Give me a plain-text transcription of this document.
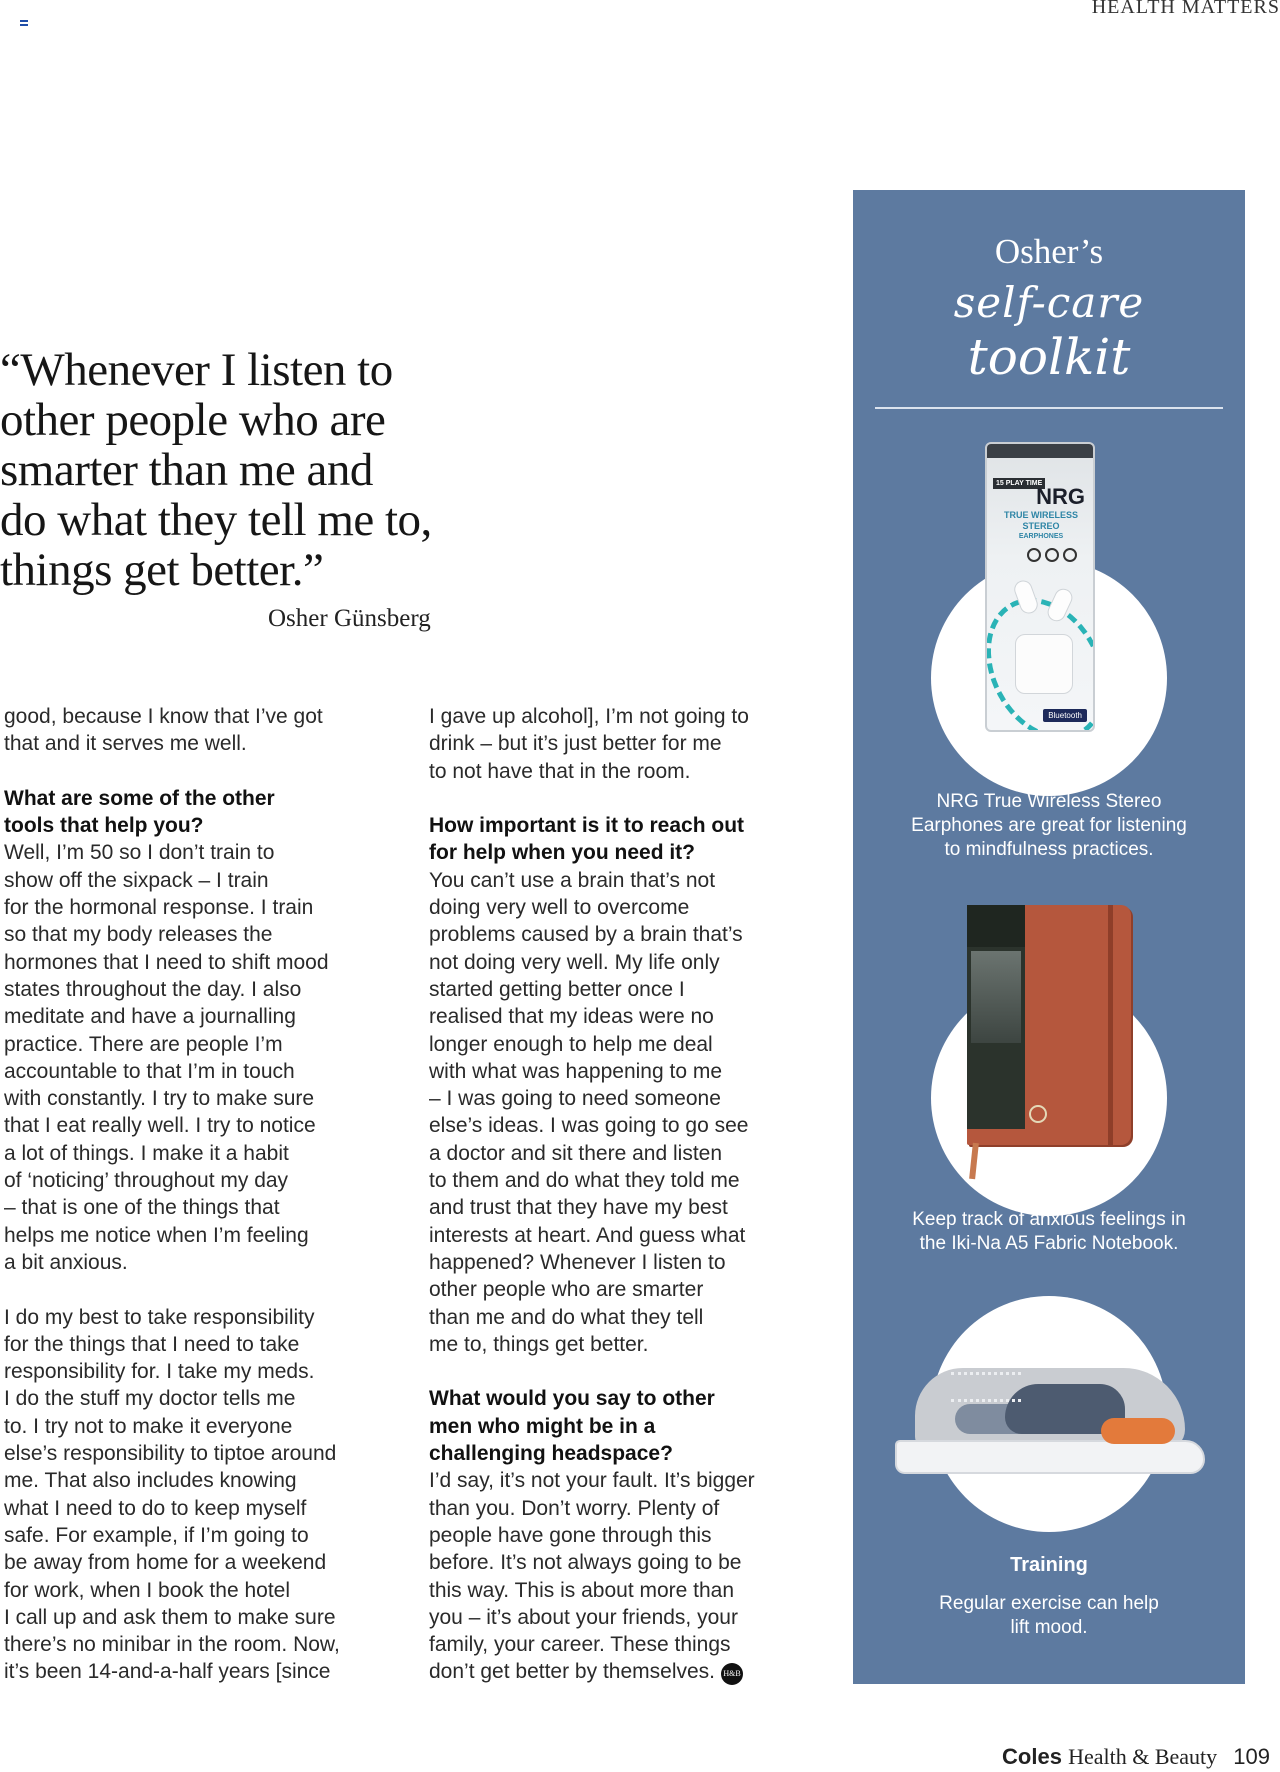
HEALTH MATTERS
“Whenever I listen to
other people who are
smarter than me and
do what they tell me to,
things get better.”
Osher Günsberg

good, because I know that I’ve got

that and it serves me well.

What are some of the other

tools that help you?

Well, I’m 50 so I don’t train to

show off the sixpack – I train

for the hormonal response. I train

so that my body releases the

hormones that I need to shift mood

states throughout the day. I also

meditate and have a journalling

practice. There are people I’m

accountable to that I’m in touch

with constantly. I try to make sure

that I eat really well. I try to notice

a lot of things. I make it a habit

of ‘noticing’ throughout my day

– that is one of the things that

helps me notice when I’m feeling

a bit anxious.

I do my best to take responsibility

for the things that I need to take

responsibility for. I take my meds.

I do the stuff my doctor tells me

to. I try not to make it everyone

else’s responsibility to tiptoe around

me. That also includes knowing

what I need to do to keep myself

safe. For example, if I’m going to

be away from home for a weekend

for work, when I book the hotel

I call up and ask them to make sure

there’s no minibar in the room. Now,

it’s been 14-and-a-half years [since

I gave up alcohol], I’m not going to

drink – but it’s just better for me

to not have that in the room.

How important is it to reach out

for help when you need it?

You can’t use a brain that’s not

doing very well to overcome

problems caused by a brain that’s

not doing very well. My life only

started getting better once I

realised that my ideas were no

longer enough to help me deal

with what was happening to me

– I was going to need someone

else’s ideas. I was going to go see

a doctor and sit there and listen

to them and do what they told me

and trust that they have my best

interests at heart. And guess what

happened? Whenever I listen to

other people who are smarter

than me and do what they tell

me to, things get better.

What would you say to other

men who might be in a

challenging headspace?

I’d say, it’s not your fault. It’s bigger

than you. Don’t worry. Plenty of

people have gone through this

before. It’s not always going to be

this way. This is about more than

you – it’s about your friends, your

family, your career. These things

don’t get better by themselves. H&B

Osher’s
self-care
toolkit
15 PLAY TIME
NRG
TRUE WIRELESS
STEREO
EARPHONES
Bluetooth
Mindfulness
NRG True Wireless Stereo
Earphones are great for listening
to mindfulness practices.
Journalling
Keep track of anxious feelings in
the Iki-Na A5 Fabric Notebook.
Training
Regular exercise can help
lift mood.
Coles Health & Beauty 109
